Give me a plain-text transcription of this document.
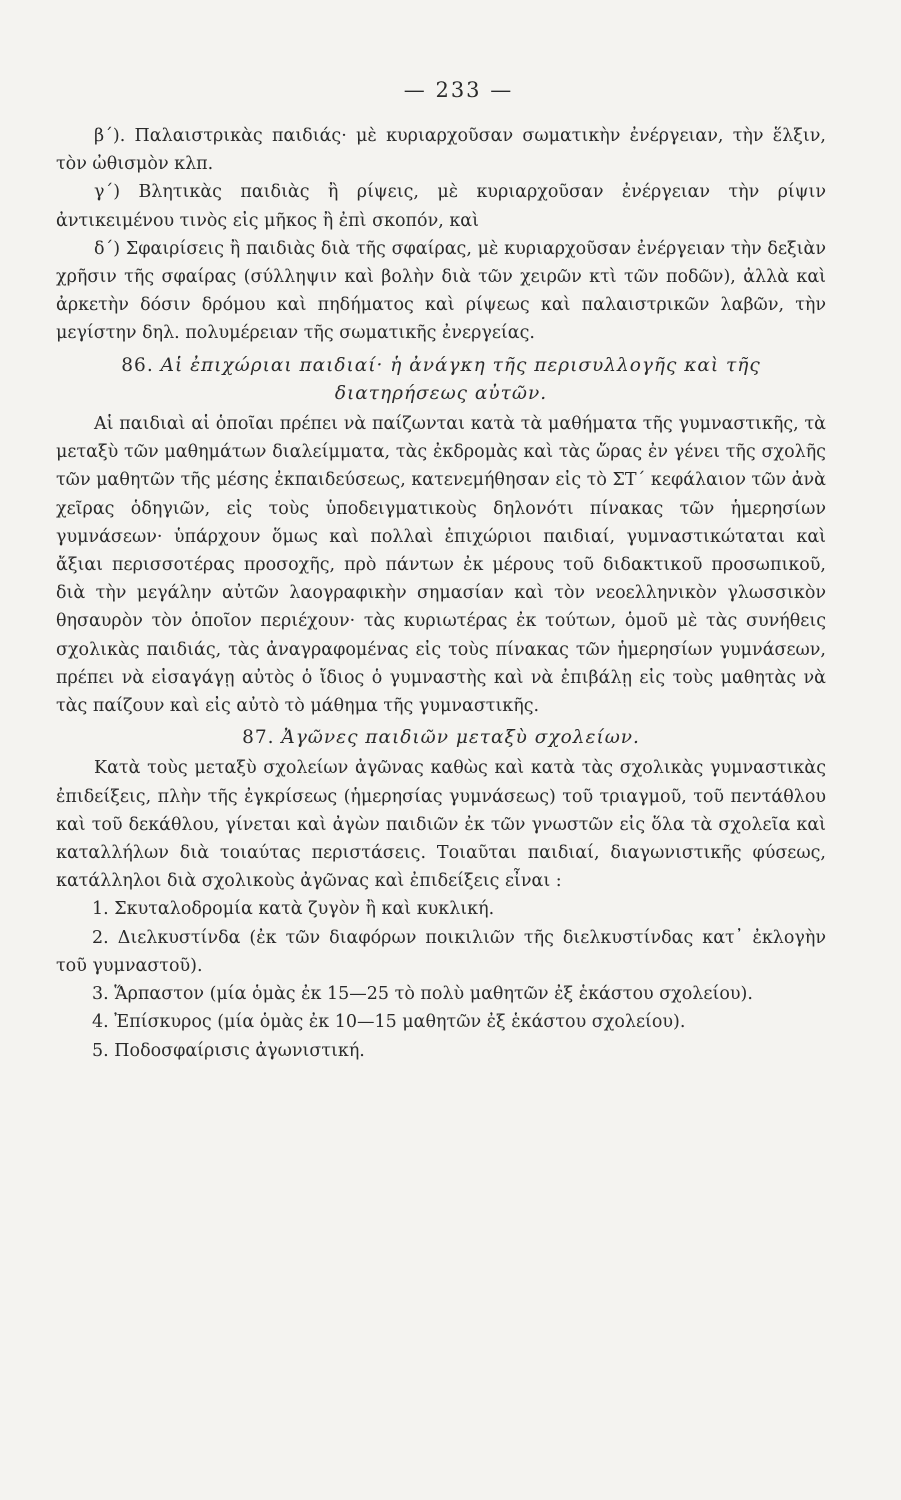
— 233 —

β΄). Παλαιστρικὰς παιδιάς· μὲ κυριαρχοῦσαν σωματικὴν ἐνέργειαν, τὴν ἕλξιν, τὸν ὠθισμὸν κλπ.

γ΄) Βλητικὰς παιδιὰς ἢ ρίψεις, μὲ κυριαρχοῦσαν ἐνέργειαν τὴν ρίψιν ἀντικειμένου τινὸς εἰς μῆκος ἢ ἐπὶ σκοπόν, καὶ

δ΄) Σφαιρίσεις ἢ παιδιὰς διὰ τῆς σφαίρας, μὲ κυριαρχοῦσαν ἐνέργειαν τὴν δεξιὰν χρῆσιν τῆς σφαίρας (σύλληψιν καὶ βολὴν διὰ τῶν χειρῶν κτὶ τῶν ποδῶν), ἀλλὰ καὶ ἀρκετὴν δόσιν δρόμου καὶ πηδήματος καὶ ρίψεως καὶ παλαιστρικῶν λαβῶν, τὴν μεγίστην δηλ. πολυμέρειαν τῆς σωματικῆς ἐνεργείας.

86. Αἱ ἐπιχώριαι παιδιαί· ἡ ἀνάγκη τῆς περισυλλογῆς καὶ τῆς διατηρήσεως αὐτῶν.

Αἱ παιδιαὶ αἱ ὁποῖαι πρέπει νὰ παίζωνται κατὰ τὰ μαθήματα τῆς γυμναστικῆς, τὰ μεταξὺ τῶν μαθημάτων διαλείμματα, τὰς ἐκδρομὰς καὶ τὰς ὥρας ἐν γένει τῆς σχολῆς τῶν μαθητῶν τῆς μέσης ἐκπαιδεύσεως, κατενεμήθησαν εἰς τὸ ΣΤ΄ κεφάλαιον τῶν ἀνὰ χεῖρας ὁδηγιῶν, εἰς τοὺς ὑποδειγματικοὺς δηλονότι πίνακας τῶν ἡμερησίων γυμνάσεων· ὑπάρχουν ὅμως καὶ πολλαὶ ἐπιχώριοι παιδιαί, γυμναστικώταται καὶ ἄξιαι περισσοτέρας προσοχῆς, πρὸ πάντων ἐκ μέρους τοῦ διδακτικοῦ προσωπικοῦ, διὰ τὴν μεγάλην αὐτῶν λαογραφικὴν σημασίαν καὶ τὸν νεοελληνικὸν γλωσσικὸν θησαυρὸν τὸν ὁποῖον περιέχουν· τὰς κυριωτέρας ἐκ τούτων, ὁμοῦ μὲ τὰς συνήθεις σχολικὰς παιδιάς, τὰς ἀναγραφομένας εἰς τοὺς πίνακας τῶν ἡμερησίων γυμνάσεων, πρέπει νὰ εἰσαγάγῃ αὐτὸς ὁ ἴδιος ὁ γυμναστὴς καὶ νὰ ἐπιβάλῃ εἰς τοὺς μαθητὰς νὰ τὰς παίζουν καὶ εἰς αὐτὸ τὸ μάθημα τῆς γυμναστικῆς.

87. Ἀγῶνες παιδιῶν μεταξὺ σχολείων.

Κατὰ τοὺς μεταξὺ σχολείων ἀγῶνας καθὼς καὶ κατὰ τὰς σχολικὰς γυμναστικὰς ἐπιδείξεις, πλὴν τῆς ἐγκρίσεως (ἡμερησίας γυμνάσεως) τοῦ τριαγμοῦ, τοῦ πεντάθλου καὶ τοῦ δεκάθλου, γίνεται καὶ ἀγὼν παιδιῶν ἐκ τῶν γνωστῶν εἰς ὅλα τὰ σχολεῖα καὶ καταλλήλων διὰ τοιαύτας περιστάσεις. Τοιαῦται παιδιαί, διαγωνιστικῆς φύσεως, κατάλληλοι διὰ σχολικοὺς ἀγῶνας καὶ ἐπιδείξεις εἶναι :

1. Σκυταλοδρομία κατὰ ζυγὸν ἢ καὶ κυκλική.

2. Διελκυστίνδα (ἐκ τῶν διαφόρων ποικιλιῶν τῆς διελκυστίνδας κατ᾽ ἐκλογὴν τοῦ γυμναστοῦ).

3. Ἅρπαστον (μία ὁμὰς ἐκ 15—25 τὸ πολὺ μαθητῶν ἐξ ἑκάστου σχολείου).

4. Ἐπίσκυρος (μία ὁμὰς ἐκ 10—15 μαθητῶν ἐξ ἑκάστου σχολείου).

5. Ποδοσφαίρισις ἀγωνιστική.
